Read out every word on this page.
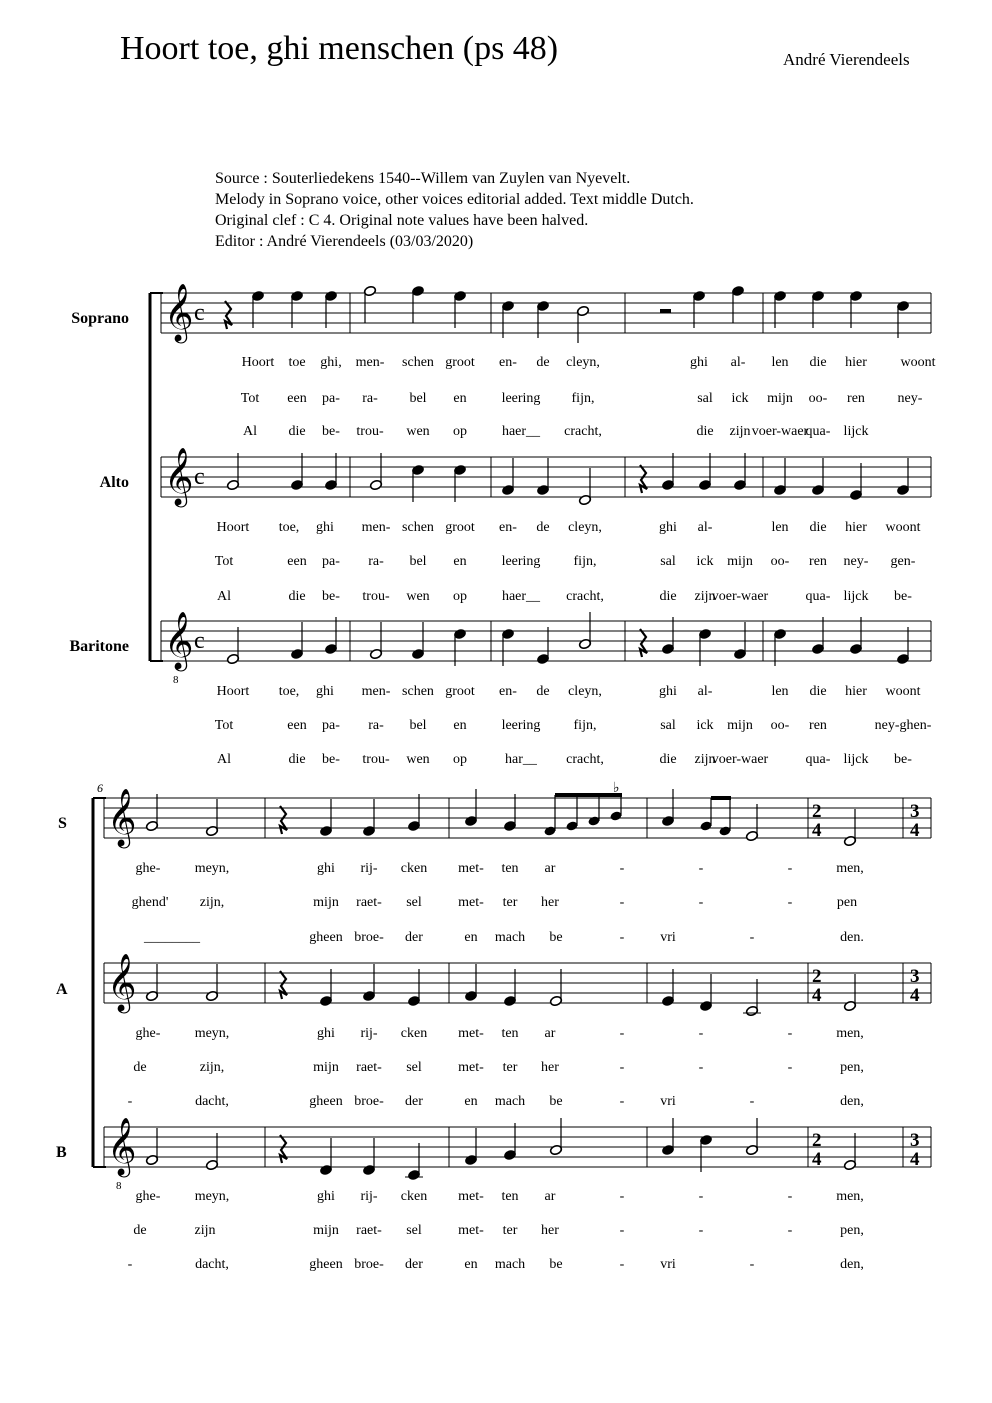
Hoort toe, ghi menschen (ps 48)	André Vierendeels
Source : Souterliedekens 1540--Willem van Zuylen van Nyevelt.
Melody in Soprano voice, other voices editorial added. Text middle Dutch.
Original clef : C 4. Original note values have been halved.
Editor : André Vierendeels (03/03/2020)
Soprano
Alto
Baritone
S
A
B
𝄞 c
𝄞 c
𝄞
8
c
𝄞	2
4
3
4
𝄞	2
4
3
4
𝄞
8
2
4
3
4
6	♭
Hoort toe ghi, men- schen groot en- de cleyn,	ghi al- len die hier woont
Tot een pa- ra- bel en leering fijn,	sal ick mijn oo- ren ney-
Al die be- trou- wen op haer__ cracht,	die zijn voer-waer
qua- lijck
Hoort toe, ghi men- schen groot en- de cleyn,	ghi al-	len die hier woont
Tot	een pa- ra- bel en leering fijn,	sal ick mijn oo- ren ney- gen-
Al	die be- trou- wen op haer__ cracht,	die zijn
voer-waer	qua- lijck be-
Hoort toe, ghi men- schen groot en- de cleyn,	ghi al-	len die hier woont
Tot	een pa- ra- bel en leering fijn,	sal ick mijn oo- ren	ney-ghen-
Al	die be- trou- wen op	har__ cracht,	die zijn
voer-waer	qua- lijck be-
ghe- meyn,	ghi rij- cken met- ten ar	-	-	-	men,
ghend' zijn,	mijn raet- sel	met- ter her	-	-	-	pen
________	gheen broe- der	en mach be	-	vri	-	den.
ghe- meyn,	ghi rij- cken met- ten ar	-	-	-	men,
de	zijn,	mijn raet- sel	met- ter her	-	-	-	pen,
-	dacht,	gheen broe- der	en mach be	-	vri	-	den,
ghe- meyn,	ghi rij- cken met- ten ar	-	-	-	men,
de	zijn	mijn raet- sel	met- ter her	-	-	-	pen,
-	dacht,	gheen broe- der	en mach be	-	vri	-	den,
